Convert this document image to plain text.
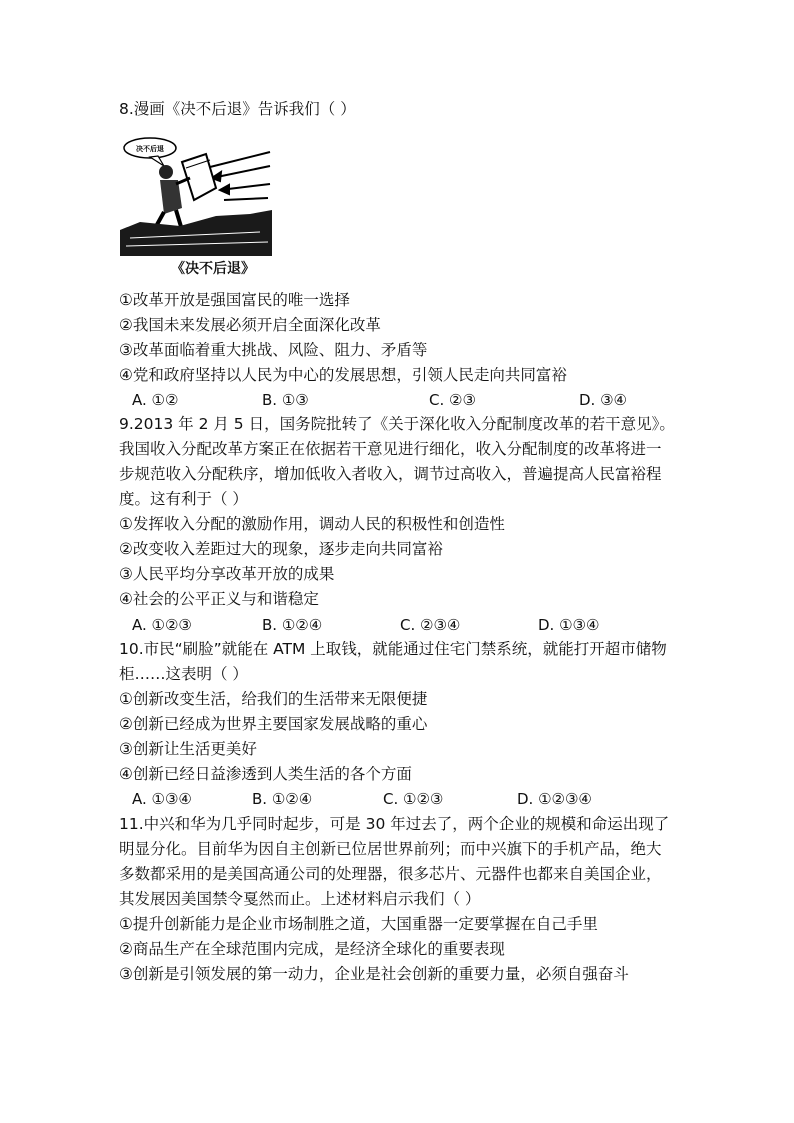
8.漫画《决不后退》告诉我们（ ）
决不后退
《决不后退》
①改革开放是强国富民的唯一选择
②我国未来发展必须开启全面深化改革
③改革面临着重大挑战、风险、阻力、矛盾等
④党和政府坚持以人民为中心的发展思想，引领人民走向共同富裕
A. ①②	B. ①③	C. ②③	D. ③④
9.2013 年 2 月 5 日，国务院批转了《关于深化收入分配制度改革的若干意见》。
我国收入分配改革方案正在依据若干意见进行细化，收入分配制度的改革将进一
步规范收入分配秩序，增加低收入者收入，调节过高收入，普遍提高人民富裕程
度。这有利于（ ）
①发挥收入分配的激励作用，调动人民的积极性和创造性
②改变收入差距过大的现象，逐步走向共同富裕
③人民平均分享改革开放的成果
④社会的公平正义与和谐稳定
A. ①②③	B. ①②④	C. ②③④	D. ①③④
10.市民“刷脸”就能在 ATM 上取钱，就能通过住宅门禁系统，就能打开超市储物
柜……这表明（ ）
①创新改变生活，给我们的生活带来无限便捷
②创新已经成为世界主要国家发展战略的重心
③创新让生活更美好
④创新已经日益渗透到人类生活的各个方面
A. ①③④	B. ①②④	C. ①②③	D. ①②③④
11.中兴和华为几乎同时起步，可是 30 年过去了，两个企业的规模和命运出现了
明显分化。目前华为因自主创新已位居世界前列；而中兴旗下的手机产品，绝大
多数都采用的是美国高通公司的处理器，很多芯片、元器件也都来自美国企业，
其发展因美国禁令戛然而止。上述材料启示我们（ ）
①提升创新能力是企业市场制胜之道，大国重器一定要掌握在自己手里
②商品生产在全球范围内完成，是经济全球化的重要表现
③创新是引领发展的第一动力，企业是社会创新的重要力量，必须自强奋斗
